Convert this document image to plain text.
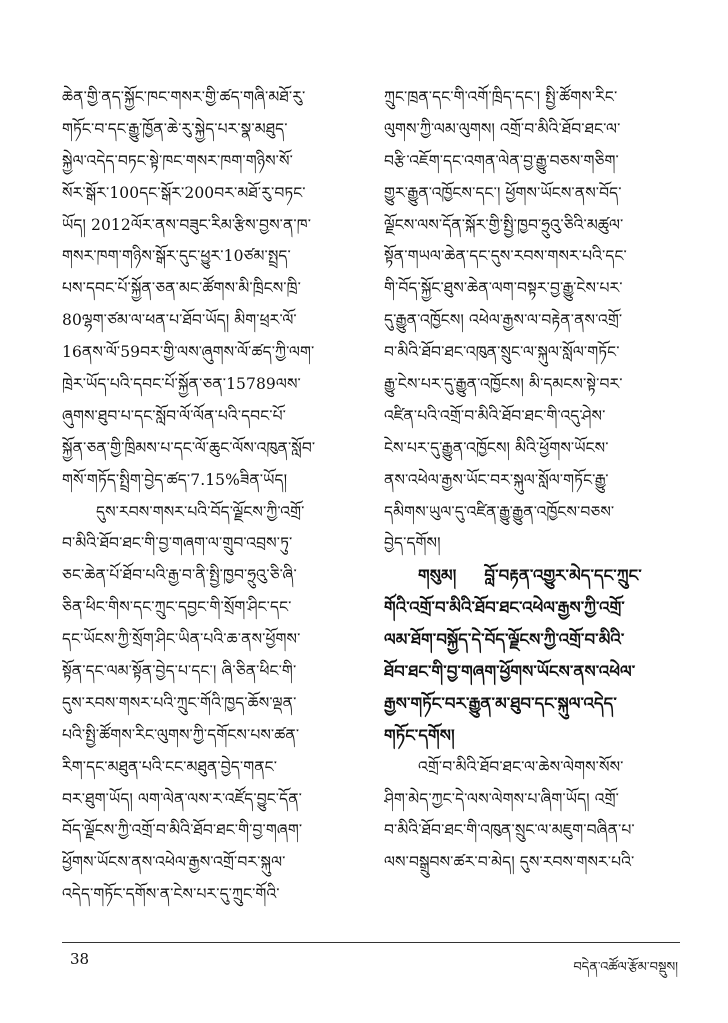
ཆེན་གྱི་ནད་སྐྱོང་ཁང་གསར་གྱི་ཚད་གཞི་མཐོ་རུ་
གཏོང་བ་དང་རྒྱུ་ཁྱོན་ཆེ་རུ་སྐྱེད་པར་སྣ་མཐུད་
སྐྱེལ་འདེད་བཏང་སྟེ་ཁང་གསར་ཁག་གཉིས་སོ་
སོར་སྒོར་100དང་སྒོར་200བར་མཐོ་རུ་བཏང་
ཡོད། 2012ལོར་ནས་བཟུང་རིམ་རྩིས་བྱས་ན་ཁ་
གསར་ཁག་གཉིས་སྒོར་དུང་ཕྱུར་10ཙམ་སྤྲད་
པས་དབང་པོ་སྐྱོན་ཅན་མང་ཚོགས་མི་ཁྲིངས་ཁྲི་
80ལྷག་ཙམ་ལ་ཕན་པ་ཐོབ་ཡོད། མིག་ཕྲར་ལོ་
16ནས་ལོ་59བར་གྱི་ལས་ཞུགས་ལོ་ཚད་ཀྱི་ལག་
ཁྲེར་ཡོད་པའི་དབང་པོ་སྐྱོན་ཅན་15789ལས་
ཞུགས་ཐུབ་པ་དང་སློབ་ལོ་ལོན་པའི་དབང་པོ་
སྐྱོན་ཅན་གྱི་ཁྲིམས་པ་དང་ལོ་ཆུང་ལོས་འཁུན་སློབ་
གསོ་གཏོད་སྤྲིག་བྱེད་ཚད་7.15%ཟིན་ཡོད།
དུས་རབས་གསར་པའི་བོད་ལྗོངས་ཀྱི་འགྲོ་
བ་མིའི་ཐོབ་ཐང་གི་བྱ་གཞག་ལ་གྲུབ་འབྲས་ཏུ་
ཅང་ཆེན་པོ་ཐོབ་པའི་རྒྱ་བ་ནི་སྤྱི་ཁྱབ་ཧྲུའུ་ཅི་ཞི་
ཅིན་ཕིང་གིས་དང་ཀྲུང་དབྱང་གི་སྲོག་ཤིང་དང་
དང་ཡོངས་ཀྱི་སྲོག་ཤིང་ཡིན་པའི་ཆ་ནས་ཕྱོགས་
སྟོན་དང་ལམ་སྟོན་བྱེད་པ་དང་། ཞི་ཅིན་ཕིང་གི་
དུས་རབས་གསར་པའི་ཀྲུང་གོའི་ཁྱད་ཆོས་ལྡན་
པའི་སྤྱི་ཚོགས་རིང་ལུགས་ཀྱི་དགོངས་པས་ཚན་
རིག་དང་མཐུན་པའི་ངང་མཐུན་བྱེད་གནང་
བར་ཐུག་ཡོད། ལག་ལེན་ལས་ར་འཛོད་བྱུང་དོན་
བོད་ལྗོངས་ཀྱི་འགྲོ་བ་མིའི་ཐོབ་ཐང་གི་བྱ་གཞག་
ཕྱོགས་ཡོངས་ནས་འཕེལ་རྒྱས་འགྲོ་བར་སྐུལ་
འདེད་གཏོང་དགོས་ན་ངེས་པར་དུ་ཀྲུང་གོའི་
ཀྲུང་ཁྲན་དང་གི་འགོ་ཁྲིད་དང་། སྤྱི་ཚོགས་རིང་
ལུགས་ཀྱི་ལམ་ལུགས། འགྲོ་བ་མིའི་ཐོབ་ཐང་ལ་
བརྩི་འཇོག་དང་འགན་ལེན་བྱ་རྒྱུ་བཅས་གཅིག་
གྱུར་རྒྱུན་འཁྱོངས་དང་། ཕྱོགས་ཡོངས་ནས་བོད་
ལྗོངས་ལས་དོན་སྐོར་གྱི་སྤྱི་ཁྱབ་ཧྲུའུ་ཅིའི་མཚུལ་
སྟོན་གཡལ་ཆེན་དང་དུས་རབས་གསར་པའི་དང་
གི་བོད་སྐྱོང་ཐུས་ཆེན་ལག་བསྟར་བྱ་རྒྱུ་ངེས་པར་
དུ་རྒྱུན་འཁྱོངས། འཕེལ་རྒྱས་ལ་བརྟེན་ནས་འགྲོ་
བ་མིའི་ཐོབ་ཐང་འཁུན་སྲུང་ལ་སྐུལ་སློལ་གཏོང་
རྒྱུ་ངེས་པར་དུ་རྒྱུན་འཁྱོངས། མི་དམངས་སྟེ་བར་
འཛིན་པའི་འགྲོ་བ་མིའི་ཐོབ་ཐང་གི་འདུ་ཤེས་
ངེས་པར་དུ་རྒྱུན་འཁྱོངས། མིའི་ཕྱོགས་ཡོངས་
ནས་འཕེལ་རྒྱས་ཡོང་བར་སྐུལ་སློལ་གཏོང་རྒྱུ་
དམིགས་ཡུལ་དུ་འཛིན་རྒྱུ་རྒྱུན་འཁྱོངས་བཅས་
བྱེད་དགོས།
གསུམ། བློ་བརྟན་འགྱུར་མེད་དང་ཀྲུང་
གོའི་འགྲོ་བ་མིའི་ཐོབ་ཐང་འཕེལ་རྒྱས་ཀྱི་འགྲོ་
ལམ་ཐོག་བསྐྱོད་དེ་བོད་ལྗོངས་ཀྱི་འགྲོ་བ་མིའི་
ཐོབ་ཐང་གི་བྱ་གཞག་ཕྱོགས་ཡོངས་ནས་འཕེལ་
རྒྱས་གཏོང་བར་རྒྱུན་མ་ཐུབ་དང་སྐུལ་འདེད་
གཏོང་དགོས།
འགྲོ་བ་མིའི་ཐོབ་ཐང་ལ་ཆེས་ལེགས་སོས་
ཤིག་མེད་ཀྱང་དེ་ལས་ལེགས་པ་ཞིག་ཡོད། འགྲོ་
བ་མིའི་ཐོབ་ཐང་གི་འཁུན་སྲུང་ལ་མཇུག་བཞིན་པ་
ལས་བསྒྲུབས་ཚར་བ་མེད། དུས་རབས་གསར་པའི་
38	བདེན་འཚོལ་རྩོམ་བསྡུས།
